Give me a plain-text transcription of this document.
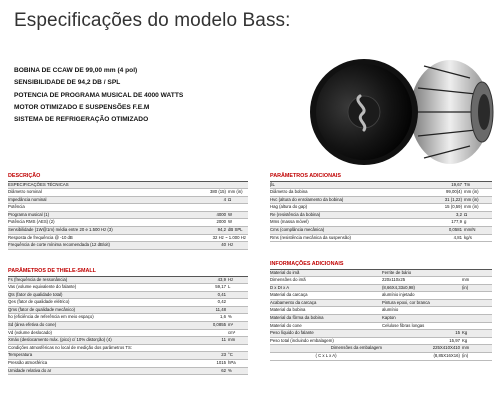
Especificações do modelo Bass:
BOBINA DE CCAW DE 99,00 mm (4 pol)
SENSIBILIDADE DE 94,2 DB / SPL
POTENCIA DE PROGRAMA MUSICAL DE 4000 WATTS
MOTOR OTIMIZADO E SUSPENSÕES F.E.M
SISTEMA DE REFRIGERAÇÃO OTIMIZADO
DESCRIÇÃO
ESPECIFICAÇÕES TÉCNICAS
Diâmetro nominal	380 (15) mm (in)
Impedância nominal	4 Ω
Potência
Programa musical (1)	4000 W
Potência RMS (AES) (2)	2000 W
Sensibilidade (1W@1m) média entre 20 e 1.500 Hz (3)	94,2 dB SPL
Resposta de frequência @ -10 dB	32 Hz ~ 1.000 Hz
Frequência de corte mínima recomendada (12 dB/oit)	40 Hz
PARÂMETROS DE THIELE-SMALL
Fs (frequência de ressonância)	43,9 Hz
Vas (volume equivalente do falante)	59,17 L
Qts (fator de qualidade total)	0,41
Qes (fator de qualidade elétrico)	0,42
Qms (fator de qualidade mecânico)	11,48
ho (eficiência de referência em meio espaço)	1,6 %
Sd (área efetiva do cone)	0,0855 m²
Vd (volume deslocado)	cm³
Xmáx (deslocamento máx. (pico) c/ 10% distorção) (4)	11 mm
Condições atmosféricas no local de medição dos parâmetros TS:
Temperatura	23 °C
Pressão atmosférica	1015 hPa
Umidade relativa do ar	62 %
PARÂMETROS ADICIONAIS
βL	19,67 Tm
Diâmetro da bobina	99,00(4) mm (in)
Hvc (altura do enrolamento da bobina)	31 (1,22) mm (in)
Hag (altura do gap)	15 (0,59) mm (in)
Re (resistência da bobina)	3,2 Ω
Mms (massa móvel)	177,9 g
Cms (complância mecânica)	0,0581 mm/N
Rms (resistência mecânica da suspensão)	4,81 kg/s
INFORMAÇÕES ADICIONAIS
Material do imã	Ferrite de bário
Dimensões do imã	220x110x25	mm
D x DI x A	(8,66X4,33x0,98)	(in)
Material da carcaça	alumínio injetado
Acabamento da carcaça	Pintura epoxi, cor branca
Material da bobina	alumínio
Material da fôrma da bobina	Kapton
Material do cone	Celulose fibras longas
Peso líquido do falante	15 Kg
Peso total (incluindo embalagem)	15,97 Kg
Dimensões da embalagem	225X410X410 mm
( C x L x A)	(8,85X16X16) (in)
